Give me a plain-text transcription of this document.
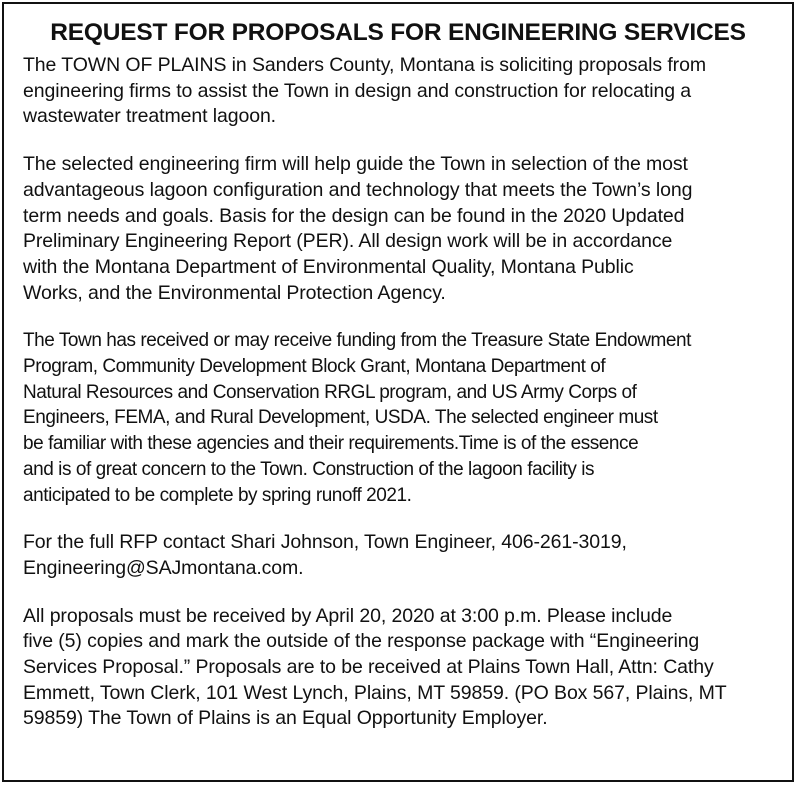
REQUEST FOR PROPOSALS FOR ENGINEERING SERVICES
The TOWN OF PLAINS in Sanders County, Montana is soliciting proposals from
engineering firms to assist the Town in design and construction for relocating a
wastewater treatment lagoon.
The selected engineering firm will help guide the Town in selection of the most
advantageous lagoon configuration and technology that meets the Town’s long
term needs and goals. Basis for the design can be found in the 2020 Updated
Preliminary Engineering Report (PER). All design work will be in accordance
with the Montana Department of Environmental Quality, Montana Public
Works, and the Environmental Protection Agency.
The Town has received or may receive funding from the Treasure State Endowment
Program, Community Development Block Grant, Montana Department of
Natural Resources and Conservation RRGL program, and US Army Corps of
Engineers, FEMA, and Rural Development, USDA. The selected engineer must
be familiar with these agencies and their requirements.Time is of the essence
and is of great concern to the Town. Construction of the lagoon facility is
anticipated to be complete by spring runoff 2021.
For the full RFP contact Shari Johnson, Town Engineer, 406-261-3019,
Engineering@SAJmontana.com.
All proposals must be received by April 20, 2020 at 3:00 p.m. Please include
five (5) copies and mark the outside of the response package with “Engineering
Services Proposal.” Proposals are to be received at Plains Town Hall, Attn: Cathy
Emmett, Town Clerk, 101 West Lynch, Plains, MT 59859. (PO Box 567, Plains, MT
59859) The Town of Plains is an Equal Opportunity Employer.
